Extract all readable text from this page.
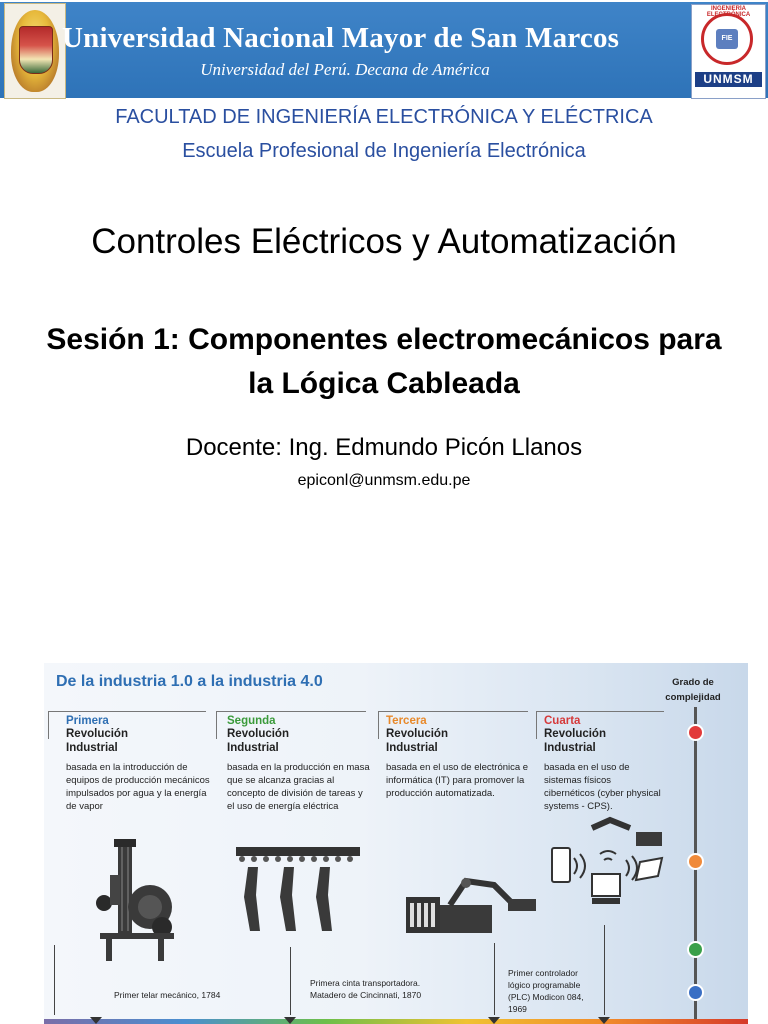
Universidad Nacional Mayor de San Marcos
Universidad del Perú. Decana de América
INGENIERÍA ELECTRÓNICA
FIE
UNMSM
FACULTAD DE INGENIERÍA ELECTRÓNICA Y ELÉCTRICA
Escuela Profesional de Ingeniería Electrónica
Controles Eléctricos y Automatización
Sesión 1: Componentes electromecánicos para
la Lógica Cableada
Docente: Ing. Edmundo Picón Llanos
epiconl@unmsm.edu.pe
De la industria 1.0 a la industria 4.0
Primera
Revolución
Industrial
basada en la introducción de equipos de producción mecánicos impulsados por agua y la energía de vapor
Segunda
Revolución
Industrial
basada en la producción en masa que se alcanza gracias al concepto de división de tareas y el uso de energía eléctrica
Tercera
Revolución
Industrial
basada en el uso de electrónica e informática (IT) para promover la producción automatizada.
Cuarta
Revolución
Industrial
basada en el uso de sistemas físicos cibernéticos (cyber physical systems - CPS).
Grado de
complejidad
Primer telar mecánico, 1784
Primera cinta transportadora.
Matadero de Cincinnati, 1870
Primer controlador
lógico programable
(PLC) Modicon 084,
1969
